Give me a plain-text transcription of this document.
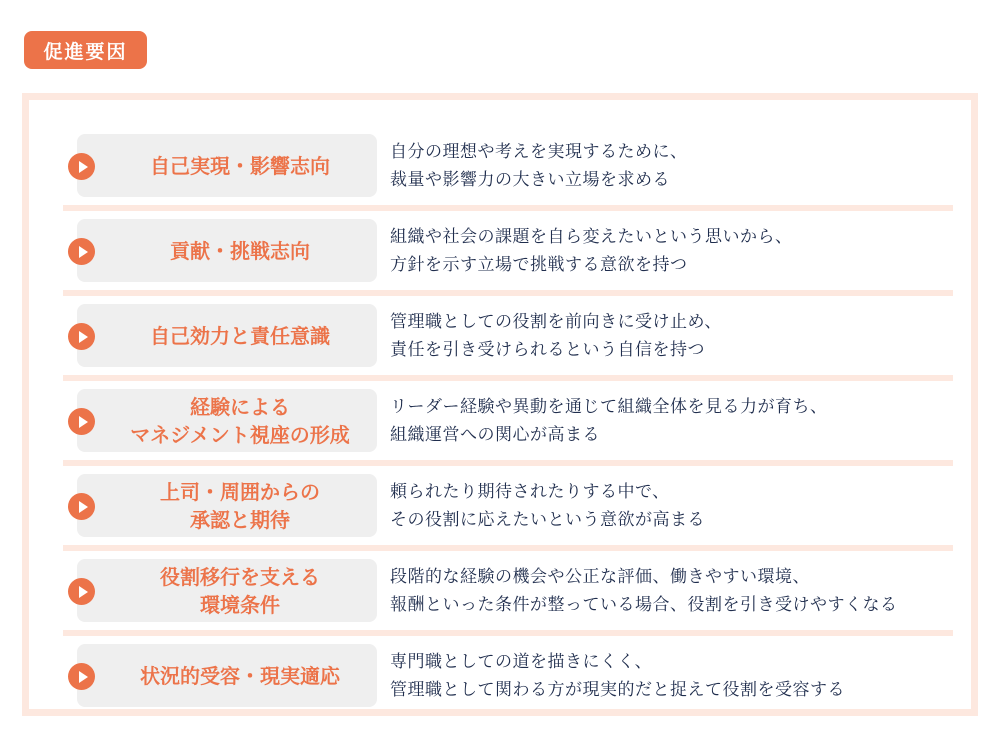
促進要因
自己実現・影響志向
自分の理想や考えを実現するために、
裁量や影響力の大きい立場を求める
貢献・挑戦志向
組織や社会の課題を自ら変えたいという思いから、
方針を示す立場で挑戦する意欲を持つ
自己効力と責任意識
管理職としての役割を前向きに受け止め、
責任を引き受けられるという自信を持つ
経験による
マネジメント視座の形成
リーダー経験や異動を通じて組織全体を見る力が育ち、
組織運営への関心が高まる
上司・周囲からの
承認と期待
頼られたり期待されたりする中で、
その役割に応えたいという意欲が高まる
役割移行を支える
環境条件
段階的な経験の機会や公正な評価、働きやすい環境、
報酬といった条件が整っている場合、役割を引き受けやすくなる
状況的受容・現実適応
専門職としての道を描きにくく、
管理職として関わる方が現実的だと捉えて役割を受容する
